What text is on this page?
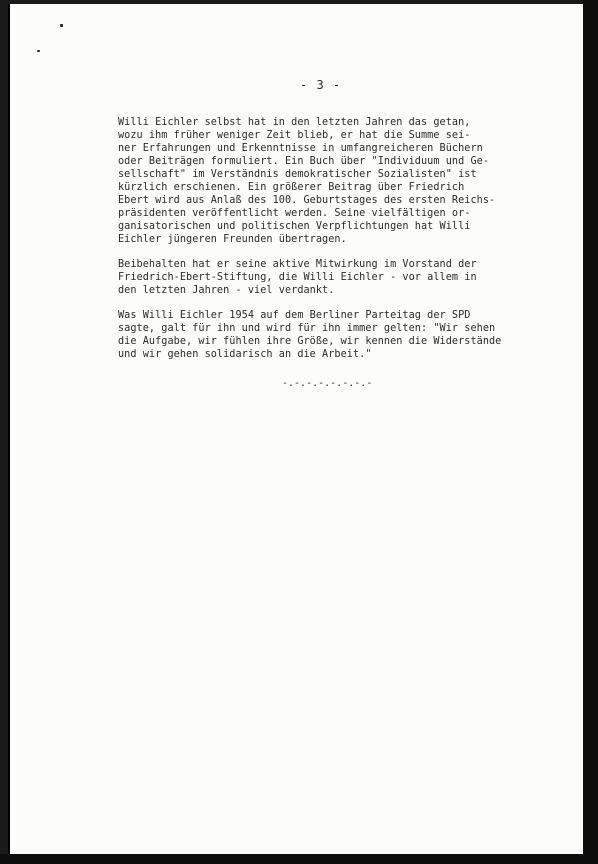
- 3 -
Willi Eichler selbst hat in den letzten Jahren das getan,
wozu ihm früher weniger Zeit blieb, er hat die Summe sei-
ner Erfahrungen und Erkenntnisse in umfangreicheren Büchern
oder Beiträgen formuliert. Ein Buch über "Individuum und Ge-
sellschaft" im Verständnis demokratischer Sozialisten" ist
kürzlich erschienen. Ein größerer Beitrag über Friedrich
Ebert wird aus Anlaß des 100. Geburtstages des ersten Reichs-
präsidenten veröffentlicht werden. Seine vielfältigen or-
ganisatorischen und politischen Verpflichtungen hat Willi
Eichler jüngeren Freunden übertragen.
Beibehalten hat er seine aktive Mitwirkung im Vorstand der
Friedrich-Ebert-Stiftung, die Willi Eichler - vor allem in
den letzten Jahren - viel verdankt.
Was Willi Eichler 1954 auf dem Berliner Parteitag der SPD
sagte, galt für ihn und wird für ihn immer gelten: "Wir sehen
die Aufgabe, wir fühlen ihre Größe, wir kennen die Widerstände
und wir gehen solidarisch an die Arbeit."
-.-.-.-.-.-.-.-
